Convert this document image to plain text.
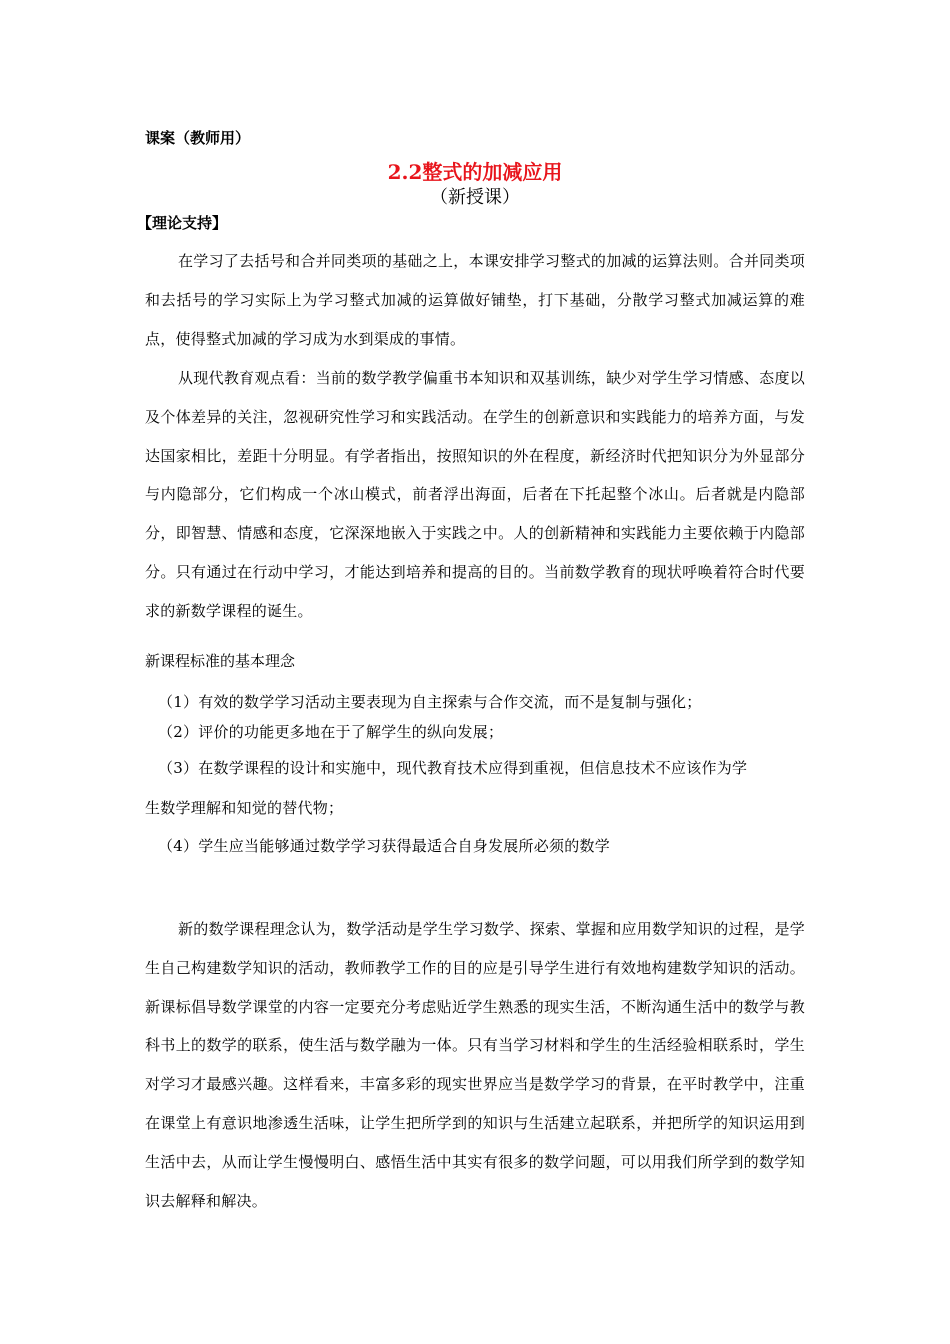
课案（教师用）
2.2整式的加减应用
（新授课）
【理论支持】
在学习了去括号和合并同类项的基础之上，本课安排学习整式的加减的运算法则。合并同类项和去括号的学习实际上为学习整式加减的运算做好铺垫，打下基础，分散学习整式加减运算的难点，使得整式加减的学习成为水到渠成的事情。
从现代教育观点看：当前的数学教学偏重书本知识和双基训练，缺少对学生学习情感、态度以及个体差异的关注，忽视研究性学习和实践活动。在学生的创新意识和实践能力的培养方面，与发达国家相比，差距十分明显。有学者指出，按照知识的外在程度，新经济时代把知识分为外显部分与内隐部分，它们构成一个冰山模式，前者浮出海面，后者在下托起整个冰山。后者就是内隐部分，即智慧、情感和态度，它深深地嵌入于实践之中。人的创新精神和实践能力主要依赖于内隐部分。只有通过在行动中学习，才能达到培养和提高的目的。当前数学教育的现状呼唤着符合时代要求的新数学课程的诞生。
新课程标准的基本理念
（1）有效的数学学习活动主要表现为自主探索与合作交流，而不是复制与强化；
（2）评价的功能更多地在于了解学生的纵向发展；
（3）在数学课程的设计和实施中，现代教育技术应得到重视，但信息技术不应该作为学
生数学理解和知觉的替代物；
（4）学生应当能够通过数学学习获得最适合自身发展所必须的数学
新的数学课程理念认为，数学活动是学生学习数学、探索、掌握和应用数学知识的过程，是学生自己构建数学知识的活动，教师教学工作的目的应是引导学生进行有效地构建数学知识的活动。新课标倡导数学课堂的内容一定要充分考虑贴近学生熟悉的现实生活，不断沟通生活中的数学与教科书上的数学的联系，使生活与数学融为一体。只有当学习材料和学生的生活经验相联系时，学生对学习才最感兴趣。这样看来，丰富多彩的现实世界应当是数学学习的背景，在平时教学中，注重在课堂上有意识地渗透生活味，让学生把所学到的知识与生活建立起联系，并把所学的知识运用到生活中去，从而让学生慢慢明白、感悟生活中其实有很多的数学问题，可以用我们所学到的数学知识去解释和解决。
